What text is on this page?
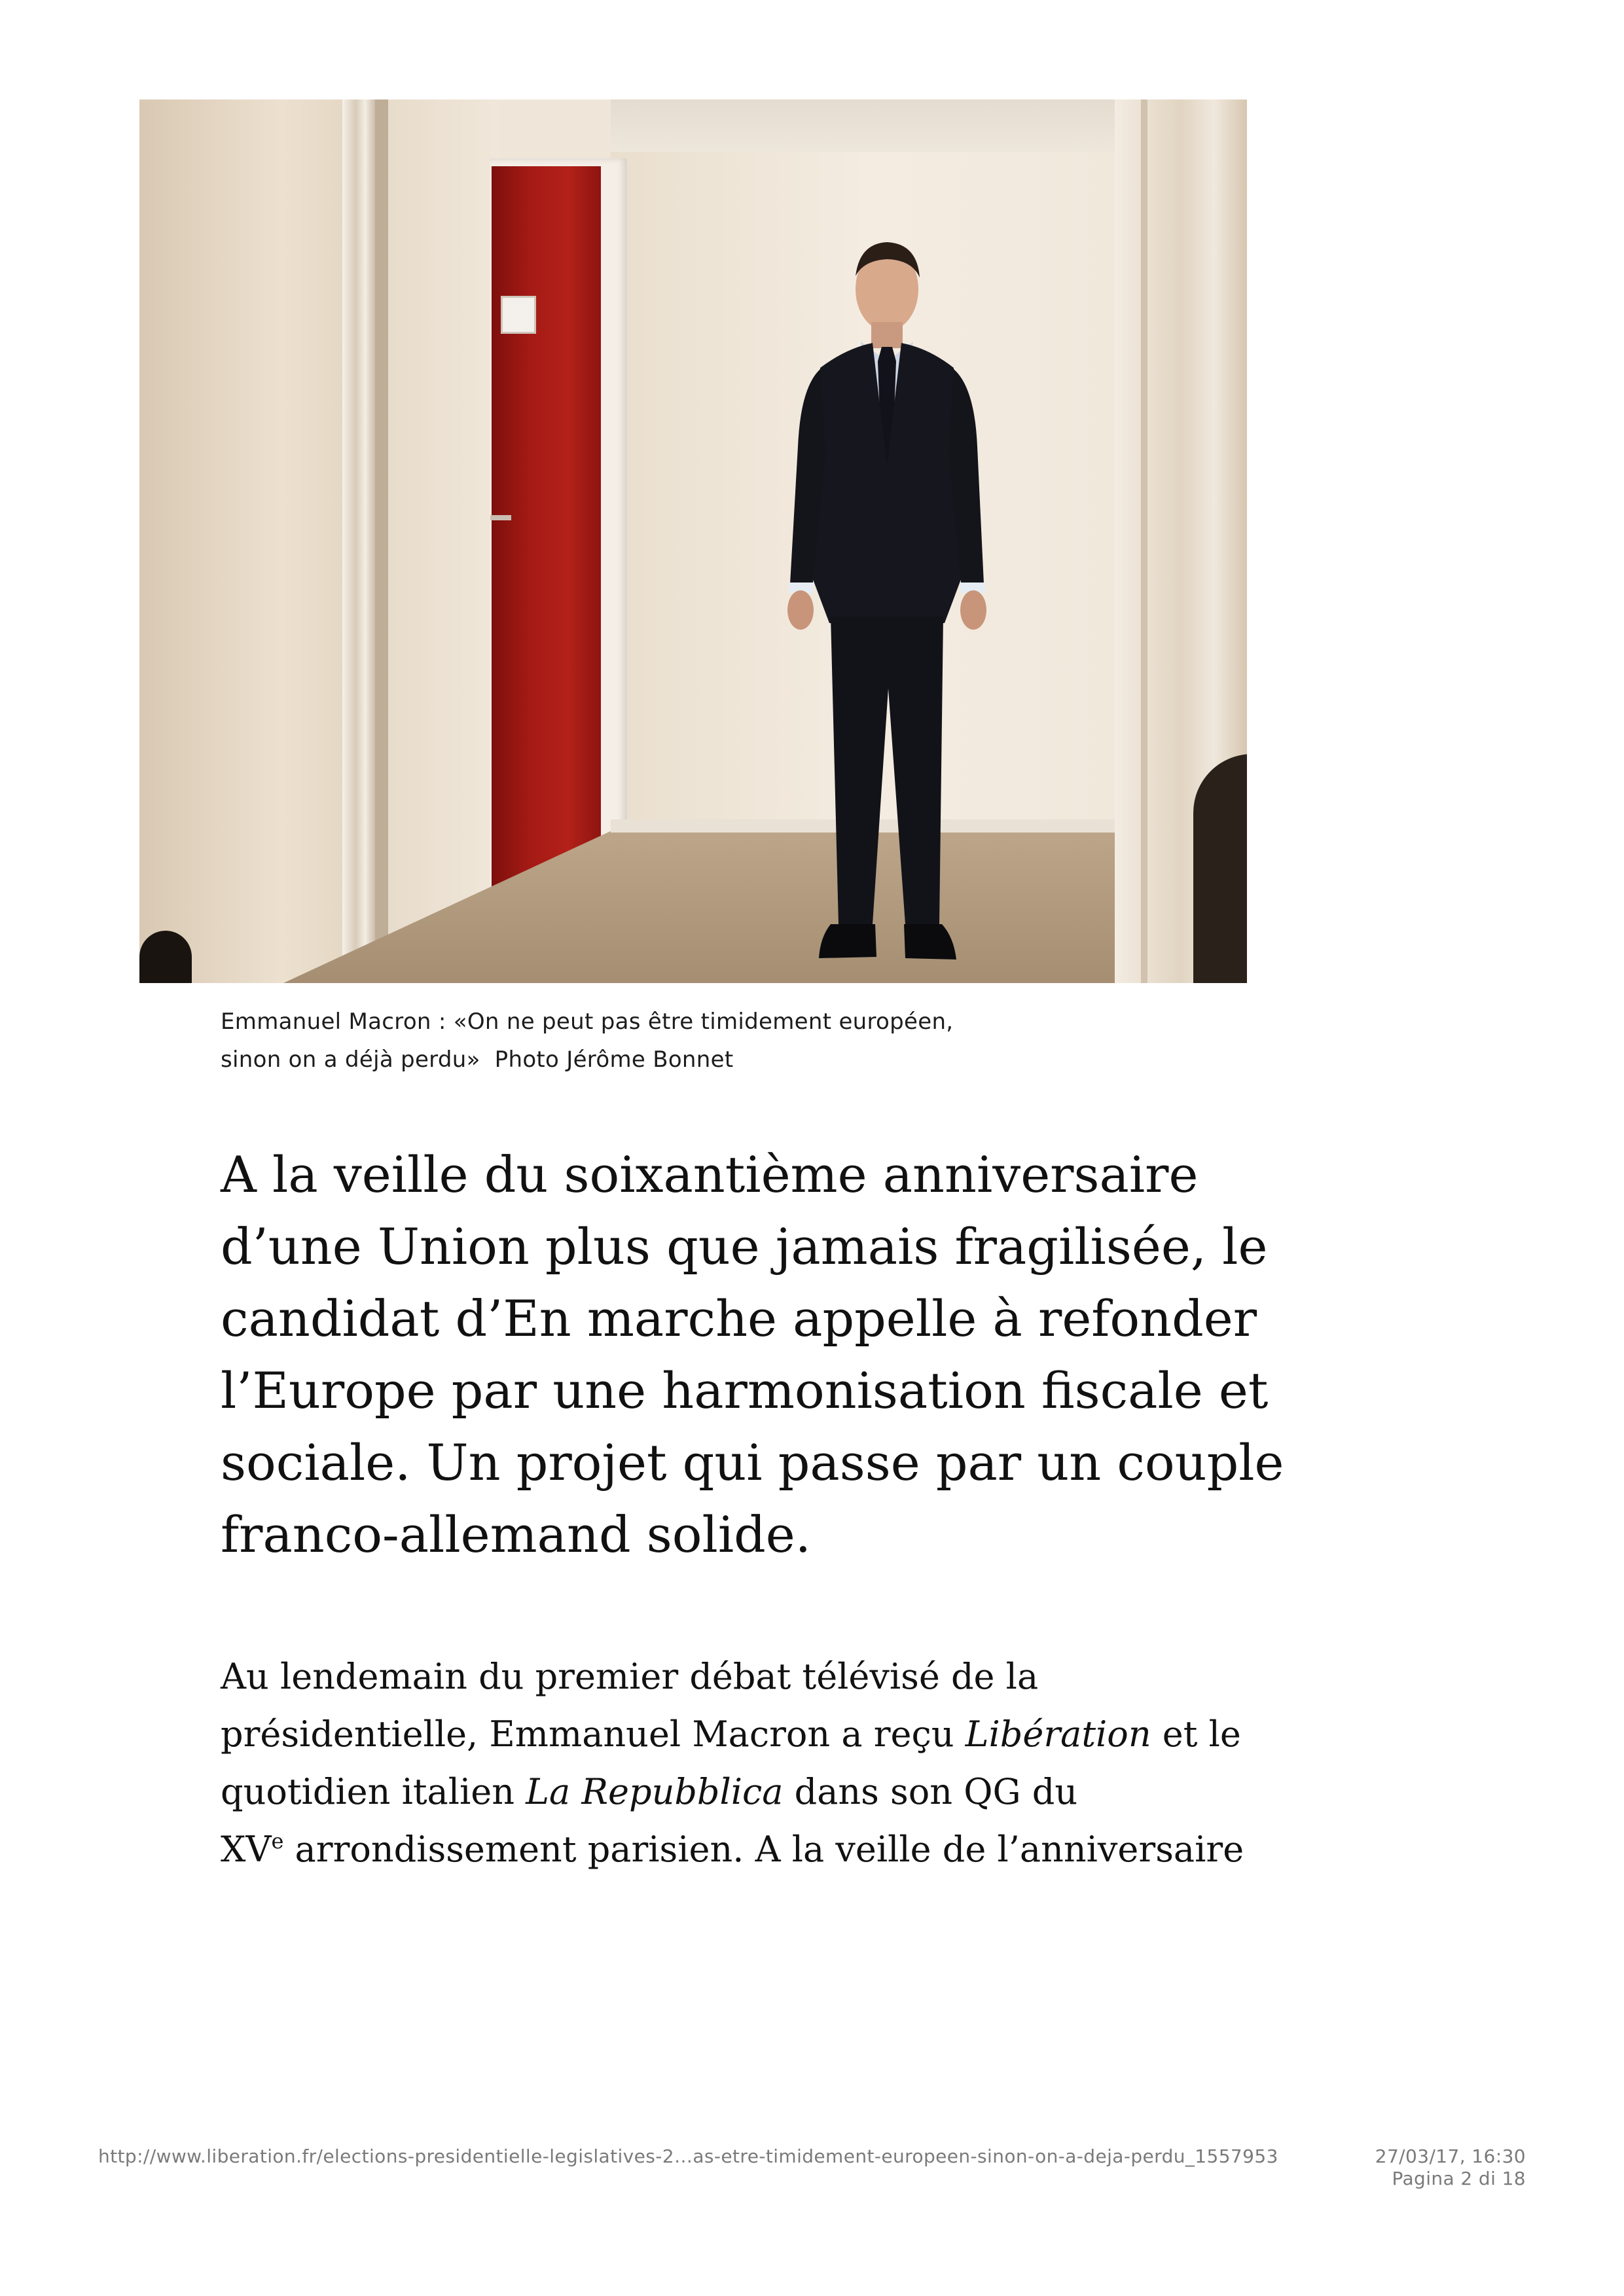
Emmanuel Macron : «On ne peut pas être timidement européen,
sinon on a déjà perdu» Photo Jérôme Bonnet
A la veille du soixantième anniversaire
d’une Union plus que jamais fragilisée, le
candidat d’En marche appelle à refonder
l’Europe par une harmonisation fiscale et
sociale. Un projet qui passe par un couple
franco-allemand solide.

Au lendemain du premier débat télévisé de la
présidentielle, Emmanuel Macron a reçu Libération et le
quotidien italien La Repubblica dans son QG du
XVe arrondissement parisien. A la veille de l’anniversaire

http://www.liberation.fr/elections-presidentielle-legislatives-2…as-etre-timidement-europeen-sinon-on-a-deja-perdu_1557953	27/03/17, 16:30
Pagina 2 di 18
